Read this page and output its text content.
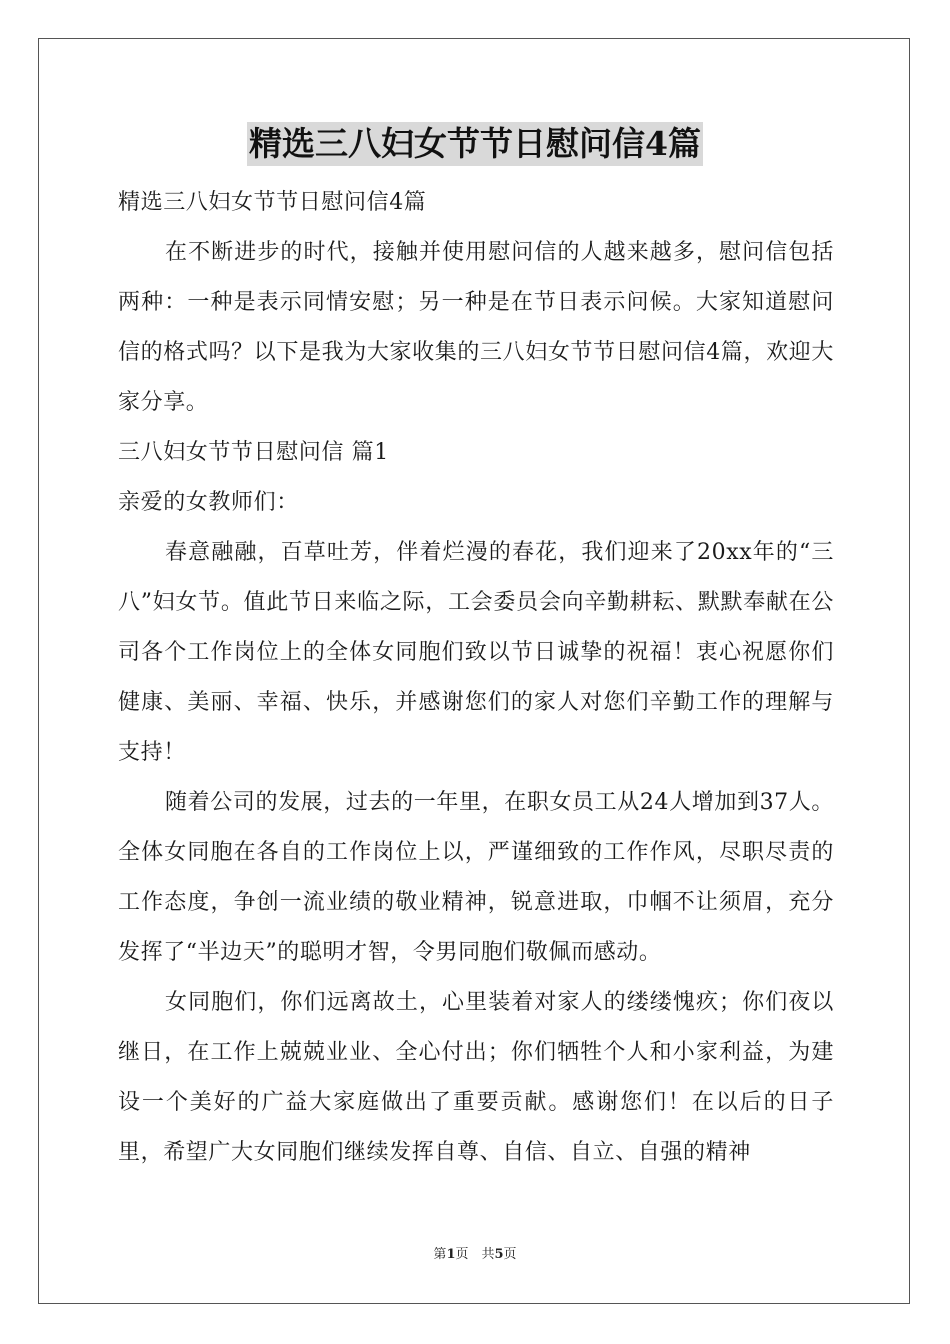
精选三八妇女节节日慰问信4篇

精选三八妇女节节日慰问信4篇

在不断进步的时代，接触并使用慰问信的人越来越多，慰问信包括两种：一种是表示同情安慰；另一种是在节日表示问候。大家知道慰问信的格式吗？以下是我为大家收集的三八妇女节节日慰问信4篇，欢迎大家分享。

三八妇女节节日慰问信 篇1

亲爱的女教师们：

春意融融，百草吐芳，伴着烂漫的春花，我们迎来了20xx年的“三八”妇女节。值此节日来临之际，工会委员会向辛勤耕耘、默默奉献在公司各个工作岗位上的全体女同胞们致以节日诚挚的祝福！衷心祝愿你们健康、美丽、幸福、快乐，并感谢您们的家人对您们辛勤工作的理解与支持！

随着公司的发展，过去的一年里，在职女员工从24人增加到37人。全体女同胞在各自的工作岗位上以，严谨细致的工作作风，尽职尽责的工作态度，争创一流业绩的敬业精神，锐意进取，巾帼不让须眉，充分发挥了“半边天”的聪明才智，令男同胞们敬佩而感动。

女同胞们，你们远离故土，心里装着对家人的缕缕愧疚；你们夜以继日，在工作上兢兢业业、全心付出；你们牺牲个人和小家利益，为建设一个美好的广益大家庭做出了重要贡献。感谢您们！在以后的日子里，希望广大女同胞们继续发挥自尊、自信、自立、自强的精神

第1页　共5页
